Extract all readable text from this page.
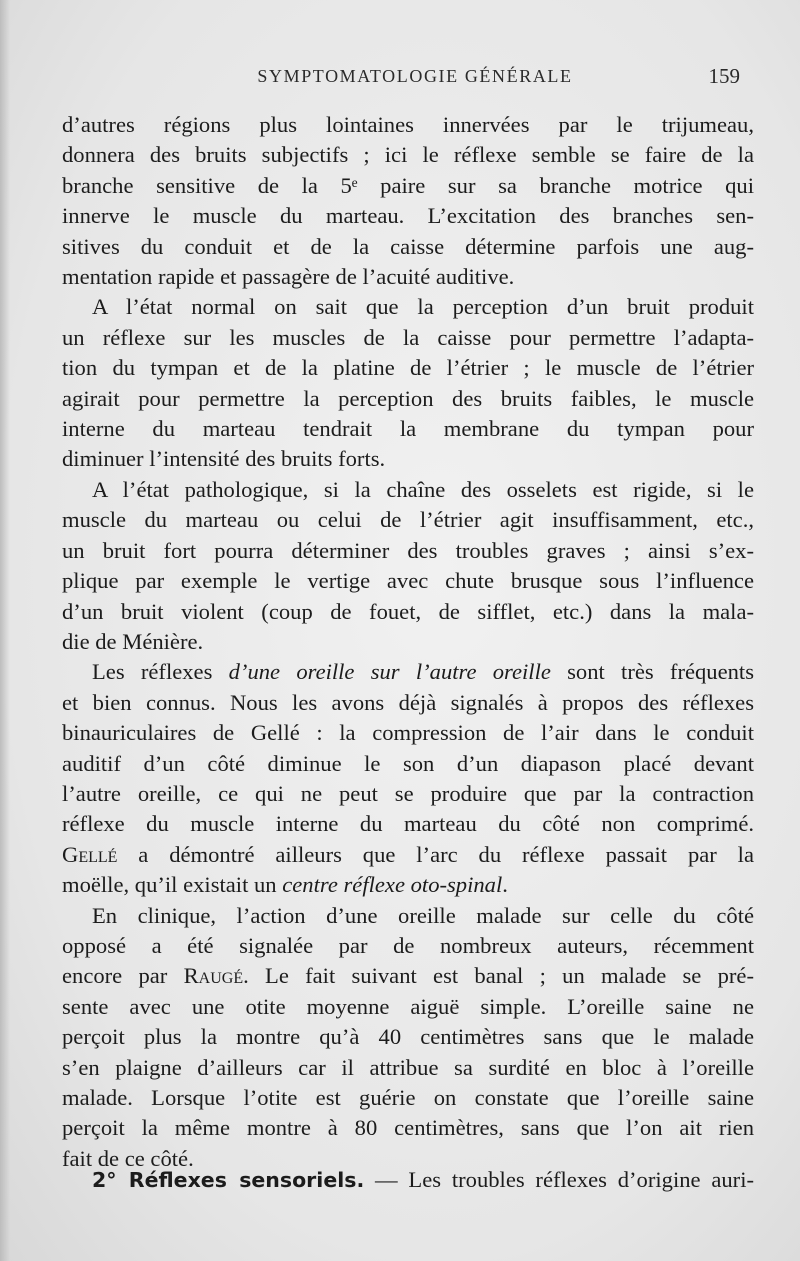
SYMPTOMATOLOGIE GÉNÉRALE	159
d’autres régions plus lointaines innervées par le trijumeau,
donnera des bruits subjectifs ; ici le réflexe semble se faire de la
branche sensitive de la 5ᵉ paire sur sa branche motrice qui
innerve le muscle du marteau. L’excitation des branches sen-
sitives du conduit et de la caisse détermine parfois une aug-
mentation rapide et passagère de l’acuité auditive.
A l’état normal on sait que la perception d’un bruit produit
un réflexe sur les muscles de la caisse pour permettre l’adapta-
tion du tympan et de la platine de l’étrier ; le muscle de l’étrier
agirait pour permettre la perception des bruits faibles, le muscle
interne du marteau tendrait la membrane du tympan pour
diminuer l’intensité des bruits forts.
A l’état pathologique, si la chaîne des osselets est rigide, si le
muscle du marteau ou celui de l’étrier agit insuffisamment, etc.,
un bruit fort pourra déterminer des troubles graves ; ainsi s’ex-
plique par exemple le vertige avec chute brusque sous l’influence
d’un bruit violent (coup de fouet, de sifflet, etc.) dans la mala-
die de Ménière.
Les réflexes d’une oreille sur l’autre oreille sont très fréquents
et bien connus. Nous les avons déjà signalés à propos des réflexes
binauriculaires de Gellé : la compression de l’air dans le conduit
auditif d’un côté diminue le son d’un diapason placé devant
l’autre oreille, ce qui ne peut se produire que par la contraction
réflexe du muscle interne du marteau du côté non comprimé.
Gellé a démontré ailleurs que l’arc du réflexe passait par la
moëlle, qu’il existait un centre réflexe oto-spinal.
En clinique, l’action d’une oreille malade sur celle du côté
opposé a été signalée par de nombreux auteurs, récemment
encore par Raugé. Le fait suivant est banal ; un malade se pré-
sente avec une otite moyenne aiguë simple. L’oreille saine ne
perçoit plus la montre qu’à 40 centimètres sans que le malade
s’en plaigne d’ailleurs car il attribue sa surdité en bloc à l’oreille
malade. Lorsque l’otite est guérie on constate que l’oreille saine
perçoit la même montre à 80 centimètres, sans que l’on ait rien
fait de ce côté.
2° Réflexes sensoriels. — Les troubles réflexes d’origine auri-
